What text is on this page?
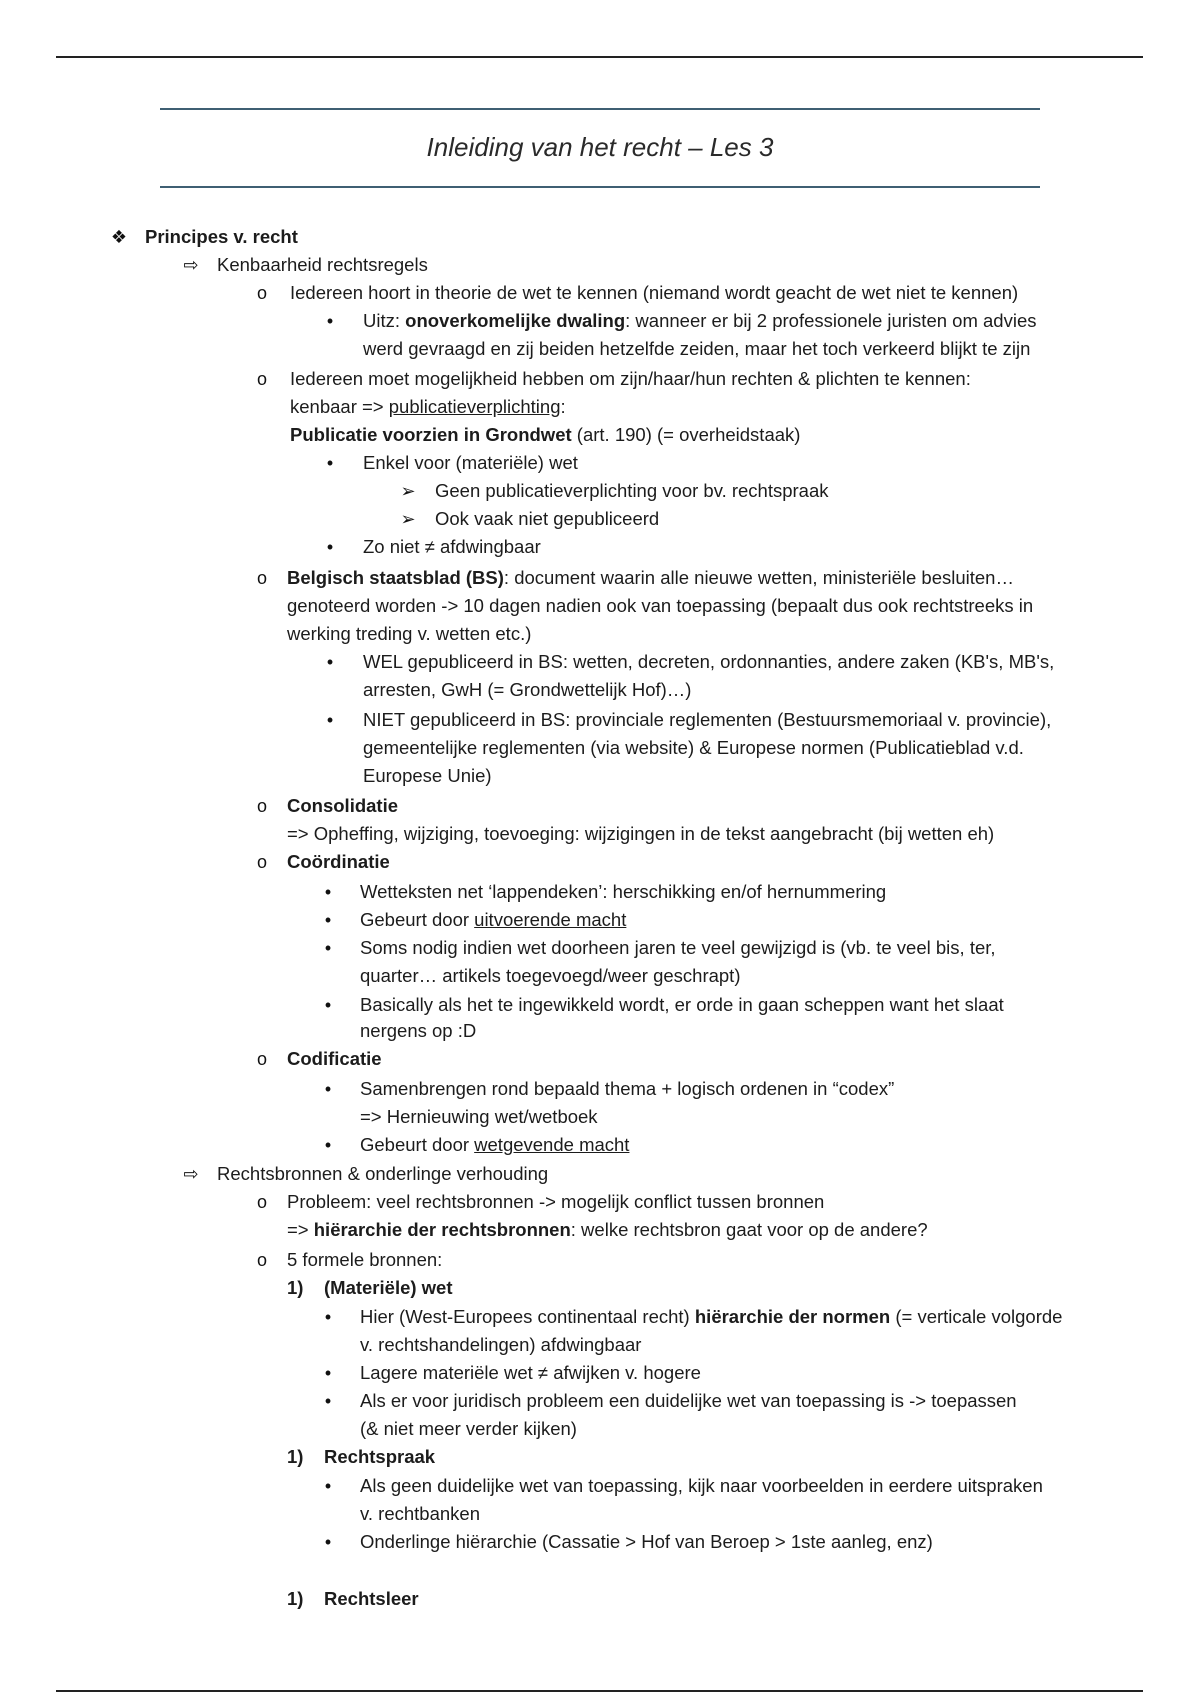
Inleiding van het recht – Les 3
❖ Principes v. recht
⇨ Kenbaarheid rechtsregels
o Iedereen hoort in theorie de wet te kennen (niemand wordt geacht de wet niet te kennen)
•	Uitz: onoverkomelijke dwaling: wanneer er bij 2 professionele juristen om advies
werd gevraagd en zij beiden hetzelfde zeiden, maar het toch verkeerd blijkt te zijn
o Iedereen moet mogelijkheid hebben om zijn/haar/hun rechten & plichten te kennen:
kenbaar => publicatieverplichting:
Publicatie voorzien in Grondwet (art. 190) (= overheidstaak)
•	Enkel voor (materiële) wet
➢ Geen publicatieverplichting voor bv. rechtspraak
➢ Ook vaak niet gepubliceerd
•	Zo niet ≠ afdwingbaar
o Belgisch staatsblad (BS): document waarin alle nieuwe wetten, ministeriële besluiten…
genoteerd worden -> 10 dagen nadien ook van toepassing (bepaalt dus ook rechtstreeks in
werking treding v. wetten etc.)
•	WEL gepubliceerd in BS: wetten, decreten, ordonnanties, andere zaken (KB's, MB's,
arresten, GwH (= Grondwettelijk Hof)…)
•	NIET gepubliceerd in BS: provinciale reglementen (Bestuursmemoriaal v. provincie),
gemeentelijke reglementen (via website) & Europese normen (Publicatieblad v.d.
Europese Unie)
o Consolidatie
=> Opheffing, wijziging, toevoeging: wijzigingen in de tekst aangebracht (bij wetten eh)
o Coördinatie
•	Wetteksten net ‘lappendeken’: herschikking en/of hernummering
•	Gebeurt door uitvoerende macht
•	Soms nodig indien wet doorheen jaren te veel gewijzigd is (vb. te veel bis, ter,
quarter… artikels toegevoegd/weer geschrapt)
•	Basically als het te ingewikkeld wordt, er orde in gaan scheppen want het slaat
nergens op :D
o Codificatie
•	Samenbrengen rond bepaald thema + logisch ordenen in “codex”
=> Hernieuwing wet/wetboek
•	Gebeurt door wetgevende macht
⇨ Rechtsbronnen & onderlinge verhouding
o Probleem: veel rechtsbronnen -> mogelijk conflict tussen bronnen
=> hiërarchie der rechtsbronnen: welke rechtsbron gaat voor op de andere?
o 5 formele bronnen:
1) (Materiële) wet
•	Hier (West-Europees continentaal recht) hiërarchie der normen (= verticale volgorde
v. rechtshandelingen) afdwingbaar
•	Lagere materiële wet ≠ afwijken v. hogere
•	Als er voor juridisch probleem een duidelijke wet van toepassing is -> toepassen
(& niet meer verder kijken)
1) Rechtspraak
•	Als geen duidelijke wet van toepassing, kijk naar voorbeelden in eerdere uitspraken
v. rechtbanken
•	Onderlinge hiërarchie (Cassatie > Hof van Beroep > 1ste aanleg, enz)
1) Rechtsleer
